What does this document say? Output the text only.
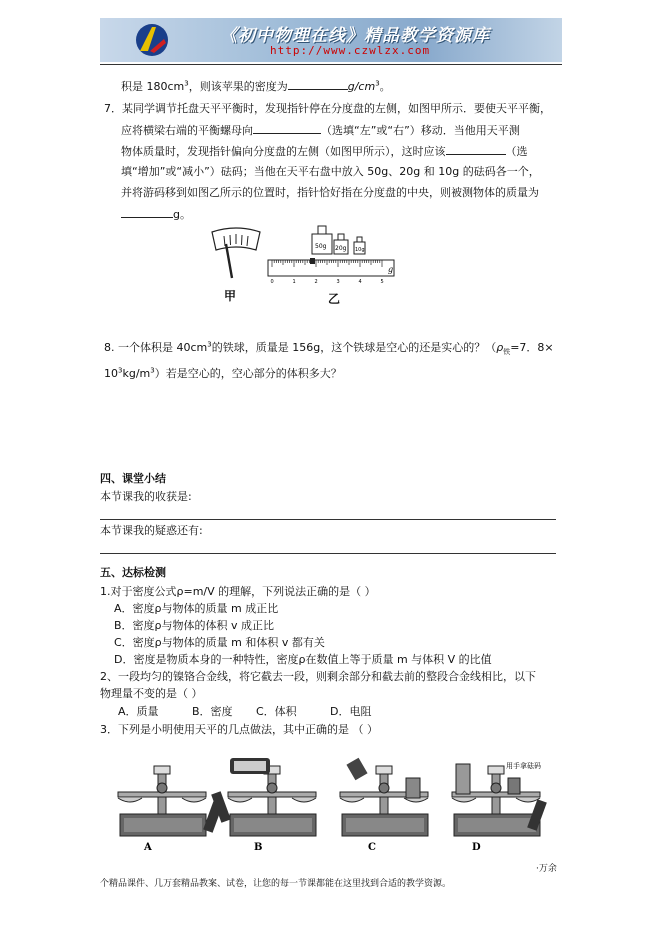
《初中物理在线》精品教学资源库
http://www.czwlzx.com
积是 $180cm^3$，则该苹果的密度为	$g/cm^3$。
7．某同学调节托盘天平平衡时，发现指针停在分度盘的左侧，如图甲所示．要使天平平衡，
应将横梁右端的平衡螺母向	（选填“左”或“右”）移动．当他用天平测
物体质量时，发现指针偏向分度盘的左侧（如图甲所示），这时应该	（选
填“增加”或“减小”）砝码；当他在天平右盘中放入 50g、20g 和 10g 的砝码各一个，
并将游码移到如图乙所示的位置时，指针恰好指在分度盘的中央，则被测物体的质量为
g。
甲
50g 20g 10g
g
0	1	2	3	4	5
乙
8. 一个体积是 $40cm^3$的铁球，质量是 156g，这个铁球是空心的还是实心的？（$\rho_铁=7$．8×
$10^3kg/m^3$）若是空心的，空心部分的体积多大？
四、课堂小结
本节课我的收获是:
本节课我的疑惑还有:
五、达标检测
1.对于密度公式ρ=m/V 的理解，下列说法正确的是（ ）
A．密度ρ与物体的质量 m 成正比
B．密度ρ与物体的体积 v 成正比
C．密度ρ与物体的质量 m 和体积 v 都有关
D．密度是物质本身的一种特性，密度ρ在数值上等于质量 m 与体积 V 的比值
2、一段均匀的镍铬合金线，将它截去一段，则剩余部分和截去前的整段合金线相比，以下
物理量不变的是（ ）
A．质量	B．密度 C．体积	D．电阻
3．下列是小明使用天平的几点做法，其中正确的是 （ ）
用手拿砝码
A	B	C	D
·万余
个精品课件、几万套精品教案、试卷，让您的每一节课都能在这里找到合适的教学资源。
